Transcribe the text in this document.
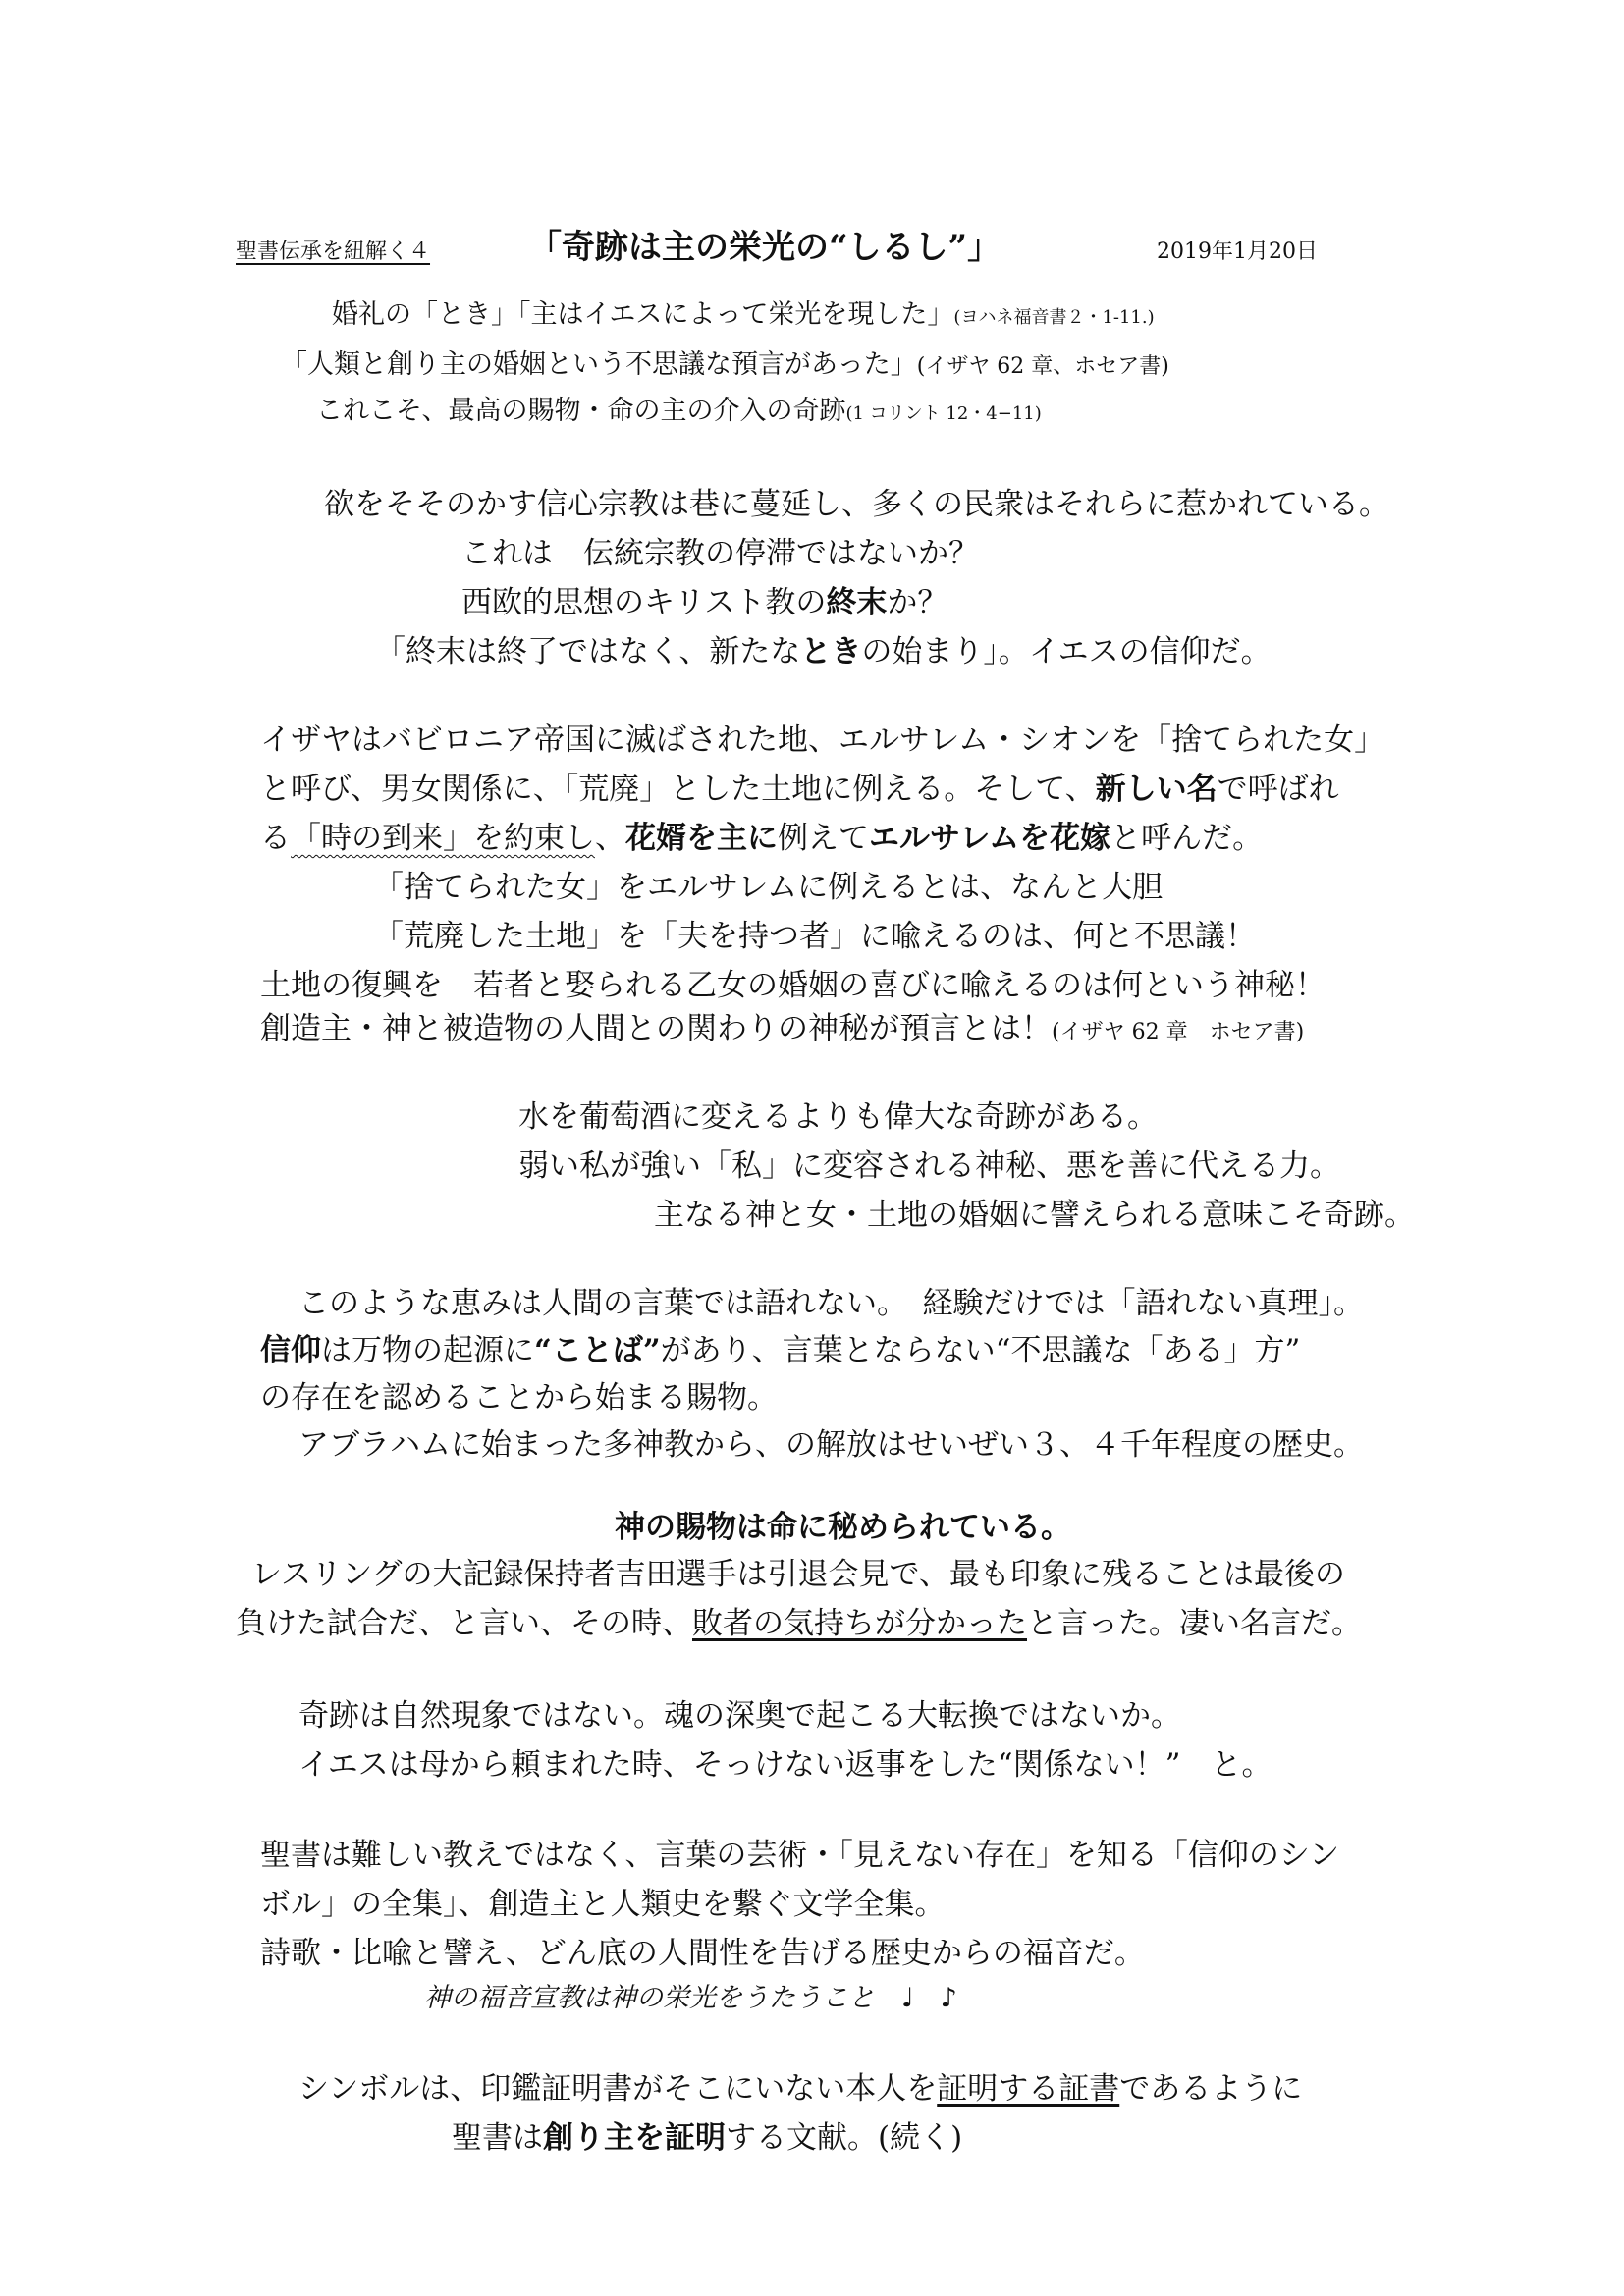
聖書伝承を紐解く４	「奇跡は主の栄光の“しるし”」	2019年1月20日
婚礼の「とき」「主はイエスによって栄光を現した」(ヨハネ福音書２・1-11.)
「人類と創り主の婚姻という不思議な預言があった」(イザヤ 62 章、ホセア書)
これこそ、最高の賜物・命の主の介入の奇跡(1 コリント 12・4−11)
欲をそそのかす信心宗教は巷に蔓延し、多くの民衆はそれらに惹かれている。
これは　伝統宗教の停滞ではないか？
西欧的思想のキリスト教の終末か？
「終末は終了ではなく、新たなときの始まり」。イエスの信仰だ。
イザヤはバビロニア帝国に滅ばされた地、エルサレム・シオンを「捨てられた女」
と呼び、男女関係に、「荒廃」とした土地に例える。そして、新しい名で呼ばれ
る「時の到来」を約束し、花婿を主に例えてエルサレムを花嫁と呼んだ。
「捨てられた女」をエルサレムに例えるとは、なんと大胆
「荒廃した土地」を「夫を持つ者」に喩えるのは、何と不思議！
土地の復興を　若者と娶られる乙女の婚姻の喜びに喩えるのは何という神秘！
創造主・神と被造物の人間との関わりの神秘が預言とは！(イザヤ 62 章　ホセア書)
水を葡萄酒に変えるよりも偉大な奇跡がある。
弱い私が強い「私」に変容される神秘、悪を善に代える力。
主なる神と女・土地の婚姻に譬えられる意味こそ奇跡。
このような恵みは人間の言葉では語れない。　経験だけでは「語れない真理」。
信仰は万物の起源に“ことば”があり、言葉とならない“不思議な「ある」方”
の存在を認めることから始まる賜物。
アブラハムに始まった多神教から、の解放はせいぜい３、４千年程度の歴史。
神の賜物は命に秘められている。
レスリングの大記録保持者吉田選手は引退会見で、最も印象に残ることは最後の
負けた試合だ、と言い、その時、敗者の気持ちが分かったと言った。凄い名言だ。
奇跡は自然現象ではない。魂の深奥で起こる大転換ではないか。
イエスは母から頼まれた時、そっけない返事をした“関係ない！”　と。
聖書は難しい教えではなく、言葉の芸術・「見えない存在」を知る「信仰のシン
ボル」の全集」、創造主と人類史を繋ぐ文学全集。
詩歌・比喩と譬え、どん底の人間性を告げる歴史からの福音だ。
神の福音宣教は神の栄光をうたうこと　♩　♪
シンボルは、印鑑証明書がそこにいない本人を証明する証書であるように
聖書は創り主を証明する文献。(続く)
